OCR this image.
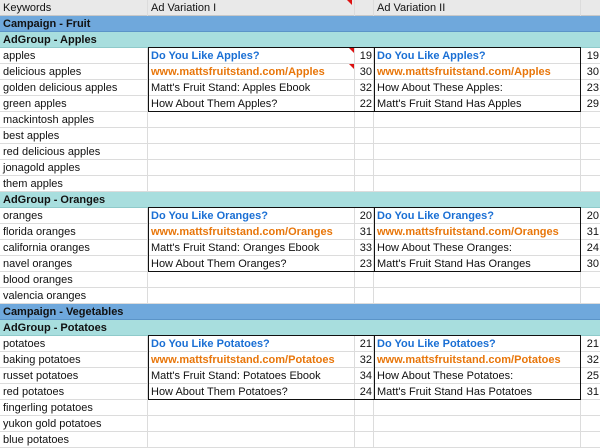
Keywords	Ad Variation I	Ad Variation II
Campaign - Fruit
AdGroup - Apples
apples	Do You Like Apples?	19 Do You Like Apples?	19
delicious apples	www.mattsfruitstand.com/Apples	30 www.mattsfruitstand.com/Apples	30
golden delicious apples	Matt's Fruit Stand: Apples Ebook	32 How About These Apples:	23
green apples	How About Them Apples?	22 Matt's Fruit Stand Has Apples	29
mackintosh apples
best apples
red delicious apples
jonagold apples
them apples
AdGroup - Oranges
oranges	Do You Like Oranges?	20 Do You Like Oranges?	20
florida oranges	www.mattsfruitstand.com/Oranges	31 www.mattsfruitstand.com/Oranges	31
california oranges	Matt's Fruit Stand: Oranges Ebook	33 How About These Oranges:	24
navel oranges	How About Them Oranges?	23 Matt's Fruit Stand Has Oranges	30
blood oranges
valencia oranges
Campaign - Vegetables
AdGroup - Potatoes
potatoes	Do You Like Potatoes?	21 Do You Like Potatoes?	21
baking potatoes	www.mattsfruitstand.com/Potatoes	32 www.mattsfruitstand.com/Potatoes	32
russet potatoes	Matt's Fruit Stand: Potatoes Ebook	34 How About These Potatoes:	25
red potatoes	How About Them Potatoes?	24 Matt's Fruit Stand Has Potatoes	31
fingerling potatoes
yukon gold potatoes
blue potatoes
